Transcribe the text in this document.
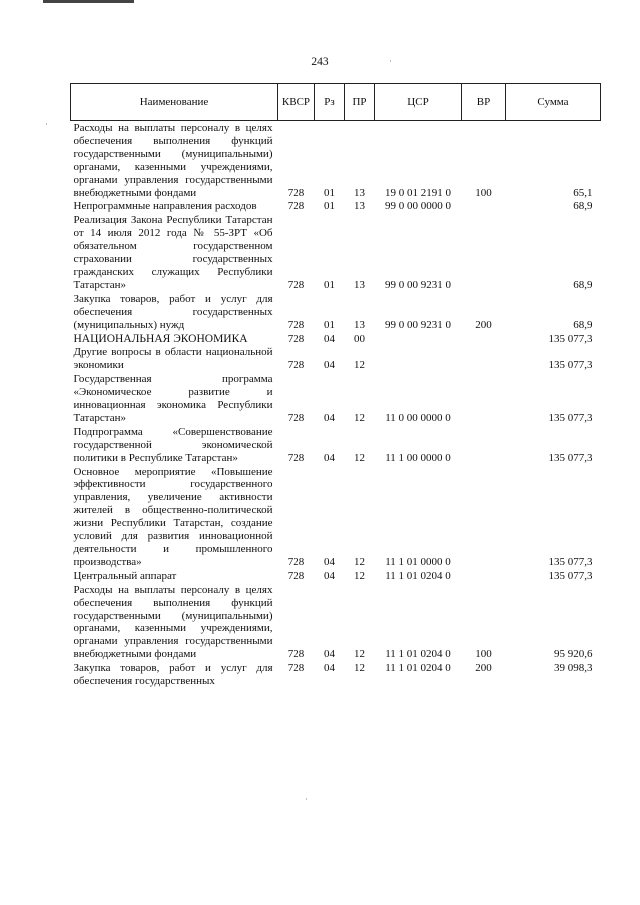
243
Наименование	КВСР	Рз	ПР	ЦСР	ВР	Сумма
Расходы на выплаты персоналу в целях обеспечения выполнения функций государственными (муниципальными) органами, казенными учреждениями, органами управления государственными внебюджетными фондами	728	01	13	19 0 01 2191 0	100	65,1
Непрограммные направления расходов	728	01	13	99 0 00 0000 0		68,9
Реализация Закона Республики Татарстан от 14 июля 2012 года № 55-ЗРТ «Об обязательном государственном страховании государственных гражданских служащих Республики Татарстан»	728	01	13	99 0 00 9231 0		68,9
Закупка товаров, работ и услуг для обеспечения государственных (муниципальных) нужд	728	01	13	99 0 00 9231 0	200	68,9
НАЦИОНАЛЬНАЯ ЭКОНОМИКА	728	04	00			135 077,3
Другие вопросы в области национальной экономики	728	04	12			135 077,3
Государственная программа «Экономическое развитие и инновационная экономика Республики Татарстан»	728	04	12	11 0 00 0000 0		135 077,3
Подпрограмма «Совершенствование государственной экономической политики в Республике Татарстан»	728	04	12	11 1 00 0000 0		135 077,3
Основное мероприятие «Повышение эффективности государственного управления, увеличение активности жителей в общественно-политической жизни Республики Татарстан, создание условий для развития инновационной деятельности и промышленного производства»	728	04	12	11 1 01 0000 0		135 077,3
Центральный аппарат	728	04	12	11 1 01 0204 0		135 077,3
Расходы на выплаты персоналу в целях обеспечения выполнения функций государственными (муниципальными) органами, казенными учреждениями, органами управления государственными внебюджетными фондами	728	04	12	11 1 01 0204 0	100	95 920,6
Закупка товаров, работ и услуг для обеспечения государственных	728	04	12	11 1 01 0204 0	200	39 098,3
·
·
·
